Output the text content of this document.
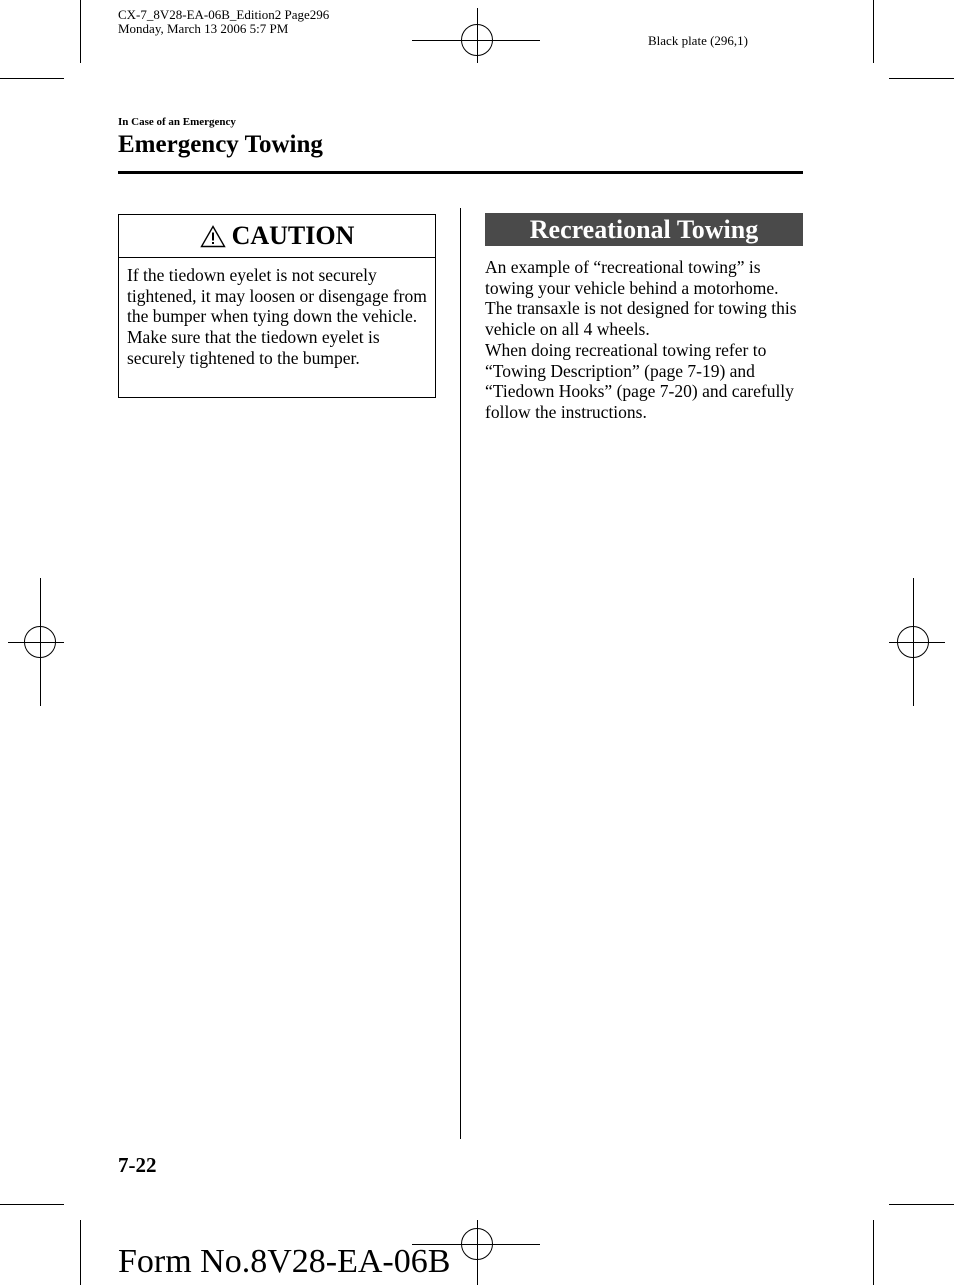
CX-7_8V28-EA-06B_Edition2 Page296
Monday, March 13 2006 5:7 PM
Black plate (296,1)
In Case of an Emergency
Emergency Towing
CAUTION
If the tiedown eyelet is not securely tightened, it may loosen or disengage from the bumper when tying down the vehicle. Make sure that the tiedown eyelet is securely tightened to the bumper.
Recreational Towing

An example of “recreational towing” is towing your vehicle behind a motorhome. The transaxle is not designed for towing this vehicle on all 4 wheels.

When doing recreational towing refer to “Towing Description” (page 7-19) and “Tiedown Hooks” (page 7-20) and carefully follow the instructions.

7-22
Form No.8V28-EA-06B
